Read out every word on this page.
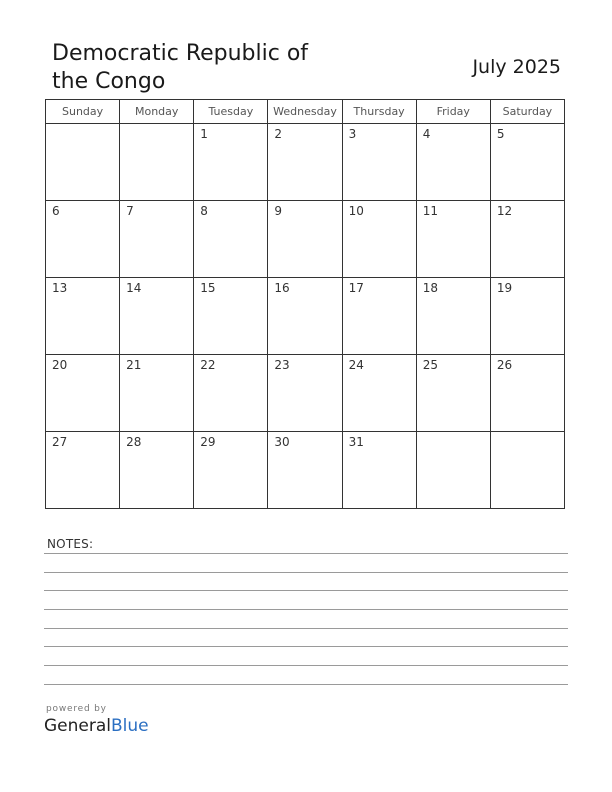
Democratic Republic of
the Congo
July 2025
Sunday	Monday	Tuesday	Wednesday	Thursday	Friday	Saturday

		1	2	3	4	5

6	7	8	9	10	11	12

13	14	15	16	17	18	19

20	21	22	23	24	25	26

27	28	29	30	31		

NOTES:
powered by
GeneralBlue
